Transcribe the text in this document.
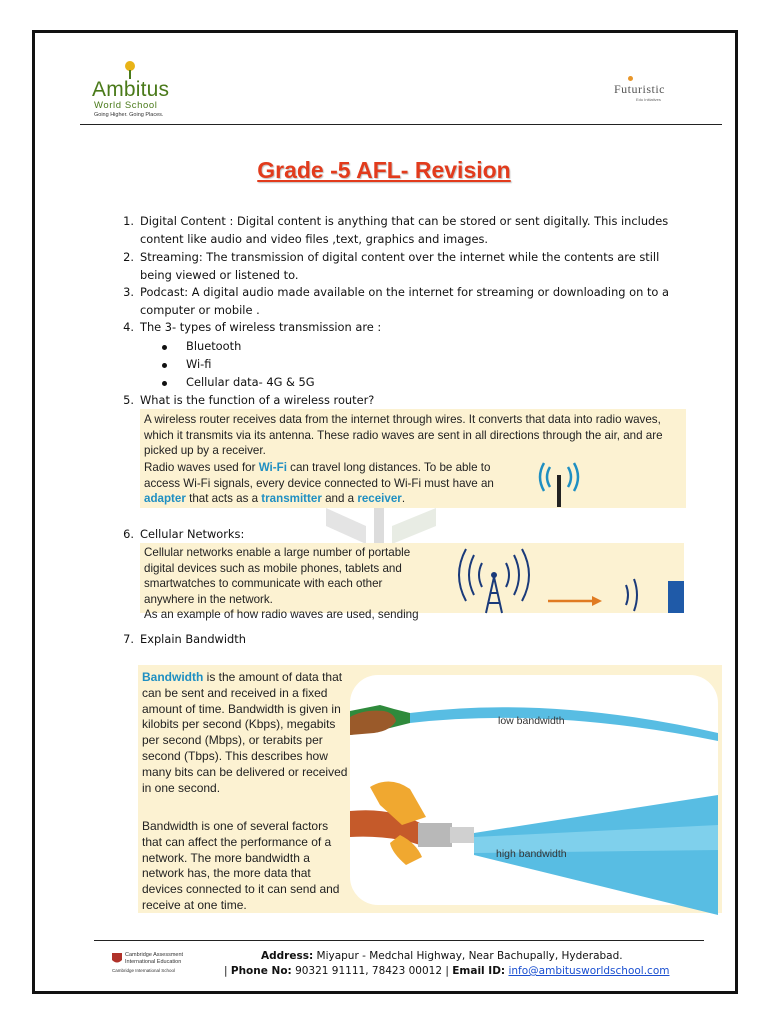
Ambitus
World School
Going Higher. Going Places.
Futuristic
Edu Initiatives
Grade -5 AFL- Revision
1. Digital Content : Digital content is anything that can be stored or sent digitally. This includes
content like audio and video files ,text, graphics and images.
2. Streaming: The transmission of digital content over the internet while the contents are still
being viewed or listened to.
3. Podcast: A digital audio made available on the internet for streaming or downloading on to a
computer or mobile .
4. The 3- types of wireless transmission are :
Bluetooth
Wi-fi
Cellular data- 4G & 5G
5. What is the function of a wireless router?
A wireless router receives data from the internet through wires. It converts that data into radio waves, which it transmits via its antenna. These radio waves are sent in all directions through the air, and are picked up by a receiver.
Radio waves used for Wi-Fi can travel long distances. To be able to access Wi-Fi signals, every device connected to Wi-Fi must have an adapter that acts as a transmitter and a receiver.
6. Cellular Networks:
Cellular networks enable a large number of portable digital devices such as mobile phones, tablets and smartwatches to communicate with each other anywhere in the network.
As an example of how radio waves are used, sending
7. Explain Bandwidth
Bandwidth is the amount of data that can be sent and received in a fixed amount of time. Bandwidth is given in kilobits per second (Kbps), megabits per second (Mbps), or terabits per second (Tbps). This describes how many bits can be delivered or received in one second.
Bandwidth is one of several factors that can affect the performance of a network. The more bandwidth a network has, the more data that devices connected to it can send and receive at one time.
low bandwidth
high bandwidth
Cambridge Assessment
International Education
Cambridge International School
Address: Miyapur - Medchal Highway, Near Bachupally, Hyderabad.
| Phone No: 90321 91111, 78423 00012 | Email ID: info@ambitusworldschool.com
